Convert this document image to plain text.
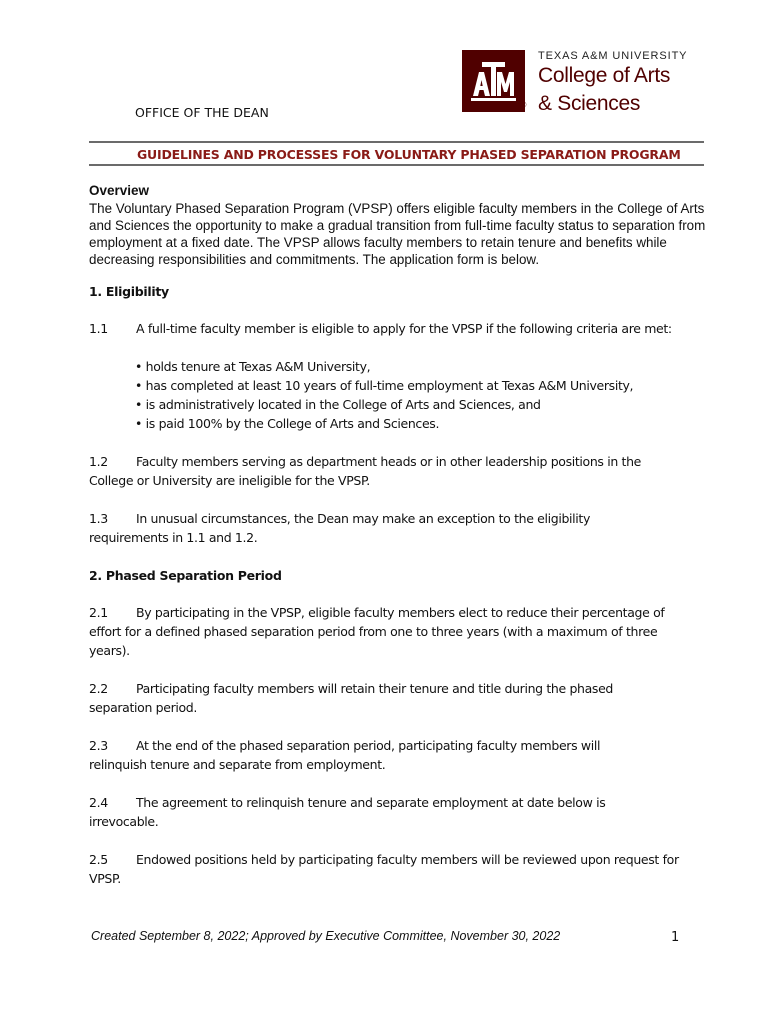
®
TEXAS A&M UNIVERSITY
College of Arts
& Sciences
OFFICE OF THE DEAN
GUIDELINES AND PROCESSES FOR VOLUNTARY PHASED SEPARATION PROGRAM
Overview

The Voluntary Phased Separation Program (VPSP) offers eligible faculty members in the College of Arts and Sciences the opportunity to make a gradual transition from full-time faculty status to separation from employment at a fixed date. The VPSP allows faculty members to retain tenure and benefits while decreasing responsibilities and commitments. The application form is below.

1. Eligibility

1.1 A full-time faculty member is eligible to apply for the VPSP if the following criteria are met:

• holds tenure at Texas A&M University,
• has completed at least 10 years of full-time employment at Texas A&M University,
• is administratively located in the College of Arts and Sciences, and
• is paid 100% by the College of Arts and Sciences.

1.2 Faculty members serving as department heads or in other leadership positions in the College or University are ineligible for the VPSP.

1.3 In unusual circumstances, the Dean may make an exception to the eligibility requirements in 1.1 and 1.2.

2. Phased Separation Period

2.1 By participating in the VPSP, eligible faculty members elect to reduce their percentage of effort for a defined phased separation period from one to three years (with a maximum of three years).

2.2 Participating faculty members will retain their tenure and title during the phased separation period.

2.3 At the end of the phased separation period, participating faculty members will relinquish tenure and separate from employment.

2.4 The agreement to relinquish tenure and separate employment at date below is irrevocable.

2.5 Endowed positions held by participating faculty members will be reviewed upon request for VPSP.

Created September 8, 2022; Approved by Executive Committee, November 30, 2022	1
